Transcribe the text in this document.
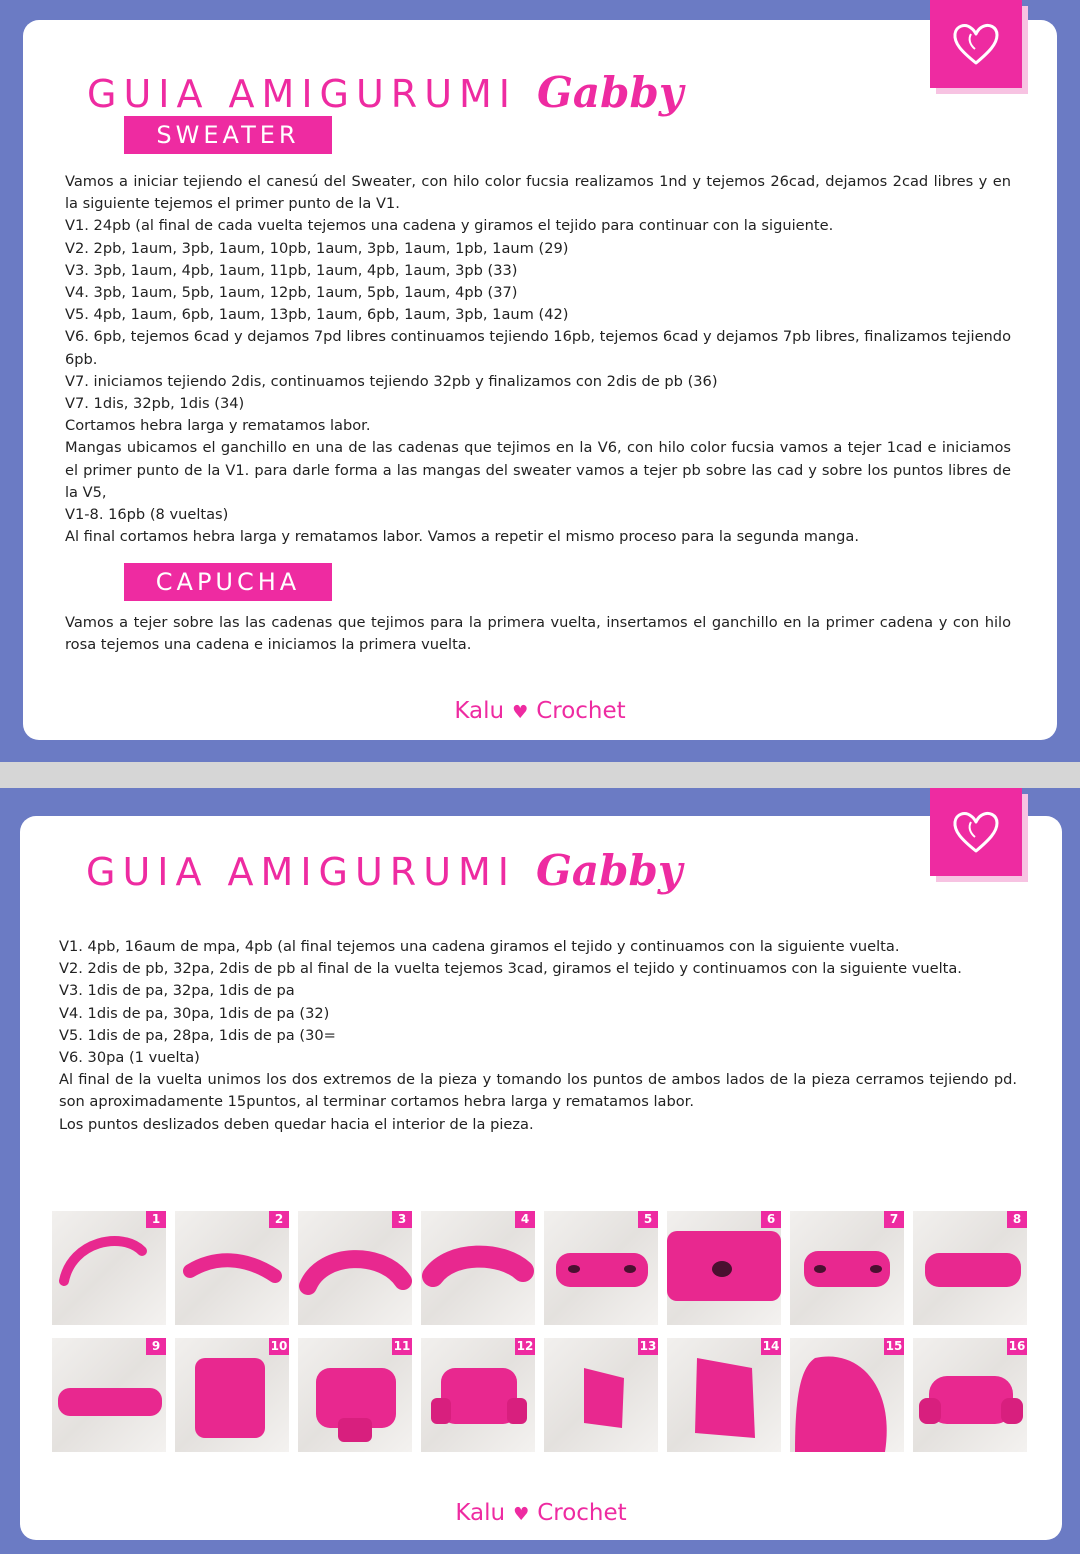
GUIA AMIGURUMI Gabby
SWEATER

Vamos a iniciar tejiendo el canesú del Sweater, con hilo color fucsia realizamos 1nd y tejemos 26cad, dejamos 2cad libres y en la siguiente tejemos el primer punto de la V1.

V1. 24pb (al final de cada vuelta tejemos una cadena y giramos el tejido para continuar con la siguiente.

V2. 2pb, 1aum, 3pb, 1aum, 10pb, 1aum, 3pb, 1aum, 1pb, 1aum (29)

V3. 3pb, 1aum, 4pb, 1aum, 11pb, 1aum, 4pb, 1aum, 3pb (33)

V4. 3pb, 1aum, 5pb, 1aum, 12pb, 1aum, 5pb, 1aum, 4pb (37)

V5. 4pb, 1aum, 6pb, 1aum, 13pb, 1aum, 6pb, 1aum, 3pb, 1aum (42)

V6. 6pb, tejemos 6cad y dejamos 7pd libres continuamos tejiendo 16pb, tejemos 6cad y dejamos 7pb libres, finalizamos tejiendo 6pb.

V7. iniciamos tejiendo 2dis, continuamos tejiendo 32pb y finalizamos con 2dis de pb (36)

V7. 1dis, 32pb, 1dis (34)

Cortamos hebra larga y rematamos labor.

Mangas ubicamos el ganchillo en una de las cadenas que tejimos en la V6, con hilo color fucsia vamos a tejer 1cad e iniciamos el primer punto de la V1. para darle forma a las mangas del sweater vamos a tejer pb sobre las cad y sobre los puntos libres de la V5,

V1-8. 16pb (8 vueltas)

Al final cortamos hebra larga y rematamos labor. Vamos a repetir el mismo proceso para la segunda manga.

CAPUCHA

Vamos a tejer sobre las las cadenas que tejimos para la primera vuelta, insertamos el ganchillo en la primer cadena y con hilo rosa tejemos una cadena e iniciamos la primera vuelta.

Kalu ♥ Crochet
GUIA AMIGURUMI Gabby

V1. 4pb, 16aum de mpa, 4pb (al final tejemos una cadena giramos el tejido y continuamos con la siguiente vuelta.

V2. 2dis de pb, 32pa, 2dis de pb al final de la vuelta tejemos 3cad, giramos el tejido y continuamos con la siguiente vuelta.

V3. 1dis de pa, 32pa, 1dis de pa

V4. 1dis de pa, 30pa, 1dis de pa (32)

V5. 1dis de pa, 28pa, 1dis de pa (30=

V6. 30pa (1 vuelta)

Al final de la vuelta unimos los dos extremos de la pieza y tomando los puntos de ambos lados de la pieza cerramos tejiendo pd. son aproximadamente 15puntos, al terminar cortamos hebra larga y rematamos labor.

Los puntos deslizados deben quedar hacia el interior de la pieza.

1	2	3	4	5	6	7	8
9	10	11	12	13	14	15	16
Kalu ♥ Crochet
